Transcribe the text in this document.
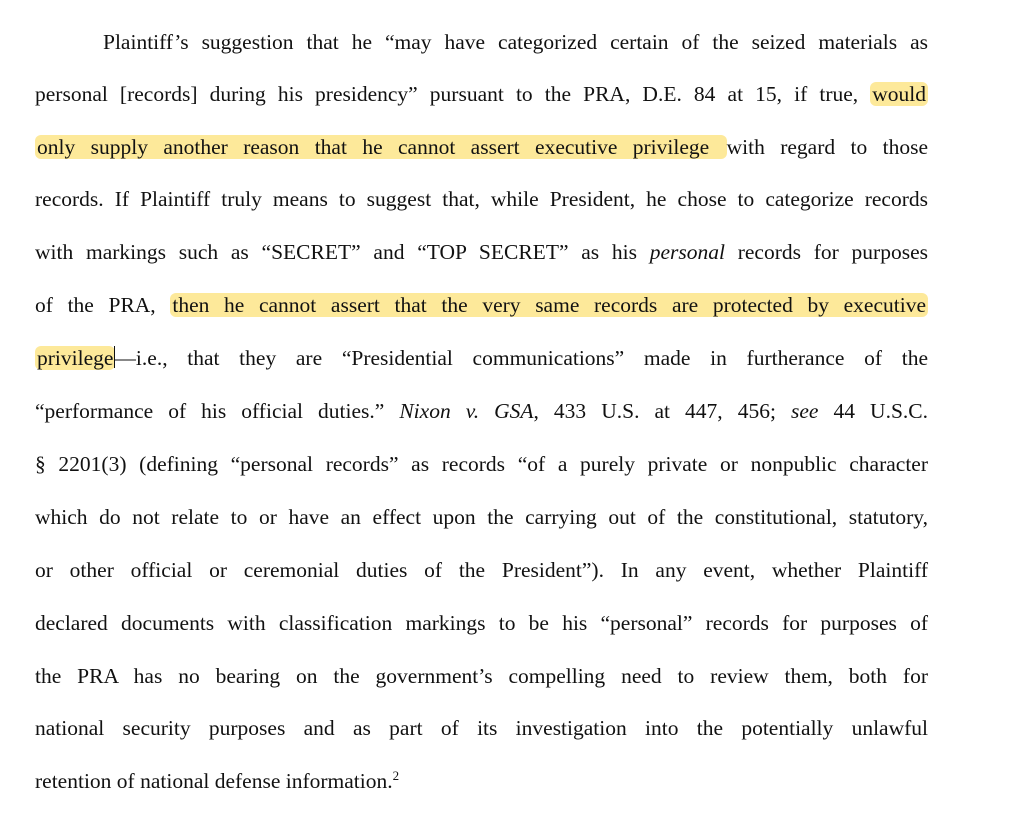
Plaintiff’s suggestion that he “may have categorized certain of the seized materials as
personal [records] during his presidency” pursuant to the PRA, D.E. 84 at 15, if true, would
only supply another reason that he cannot assert executive privilege with regard to those
records. If Plaintiff truly means to suggest that, while President, he chose to categorize records
with markings such as “SECRET” and “TOP SECRET” as his personal records for purposes
of the PRA, then he cannot assert that the very same records are protected by executive
privilege—i.e., that they are “Presidential communications” made in furtherance of the
“performance of his official duties.” Nixon v. GSA, 433 U.S. at 447, 456; see 44 U.S.C.
§ 2201(3) (defining “personal records” as records “of a purely private or nonpublic character
which do not relate to or have an effect upon the carrying out of the constitutional, statutory,
or other official or ceremonial duties of the President”). In any event, whether Plaintiff
declared documents with classification markings to be his “personal” records for purposes of
the PRA has no bearing on the government’s compelling need to review them, both for
national security purposes and as part of its investigation into the potentially unlawful
retention of national defense information.$^2$
